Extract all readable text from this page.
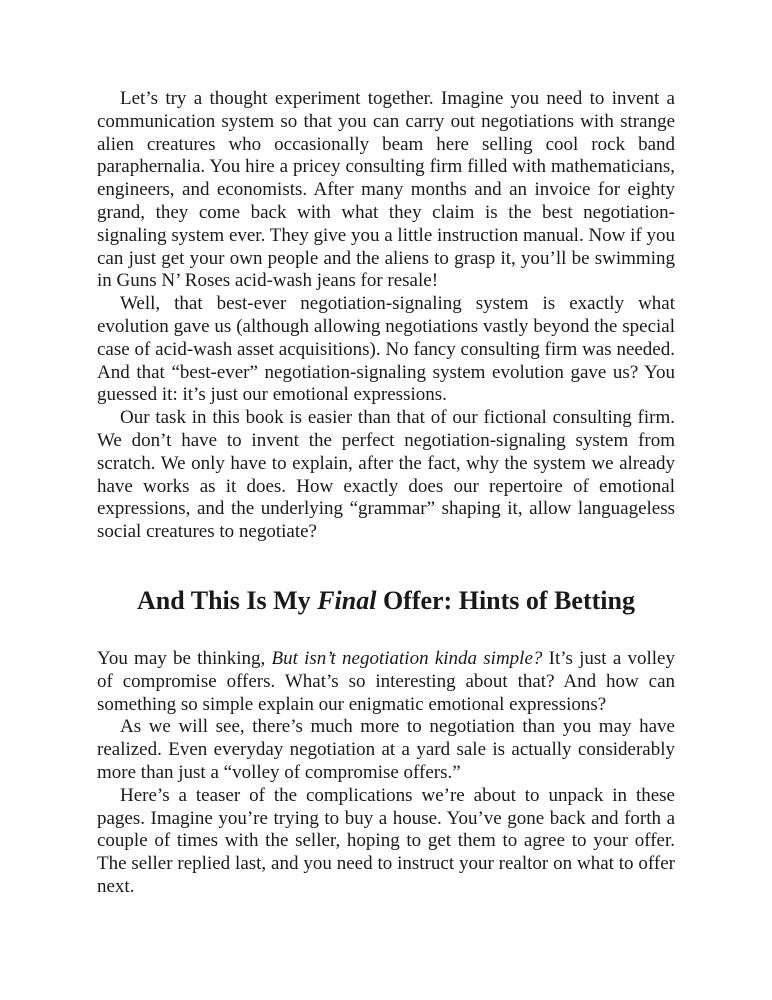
Let’s try a thought experiment together. Imagine you need to invent a communication system so that you can carry out negotiations with strange alien creatures who occasionally beam here selling cool rock band paraphernalia. You hire a pricey consulting firm filled with mathematicians, engineers, and economists. After many months and an invoice for eighty grand, they come back with what they claim is the best negotiation-signaling system ever. They give you a little instruction manual. Now if you can just get your own people and the aliens to grasp it, you’ll be swimming in Guns N’ Roses acid-wash jeans for resale!

Well, that best-ever negotiation-signaling system is exactly what evolution gave us (although allowing negotiations vastly beyond the special case of acid-wash asset acquisitions). No fancy consulting firm was needed. And that “best-ever” negotiation-signaling system evolution gave us? You guessed it: it’s just our emotional expressions.

Our task in this book is easier than that of our fictional consulting firm. We don’t have to invent the perfect negotiation-signaling system from scratch. We only have to explain, after the fact, why the system we already have works as it does. How exactly does our repertoire of emotional expressions, and the underlying “grammar” shaping it, allow languageless social creatures to negotiate?

And This Is My Final Offer: Hints of Betting

You may be thinking, But isn’t negotiation kinda simple? It’s just a volley of compromise offers. What’s so interesting about that? And how can something so simple explain our enigmatic emotional expressions?

As we will see, there’s much more to negotiation than you may have realized. Even everyday negotiation at a yard sale is actually considerably more than just a “volley of compromise offers.”

Here’s a teaser of the complications we’re about to unpack in these pages. Imagine you’re trying to buy a house. You’ve gone back and forth a couple of times with the seller, hoping to get them to agree to your offer. The seller replied last, and you need to instruct your realtor on what to offer next.
